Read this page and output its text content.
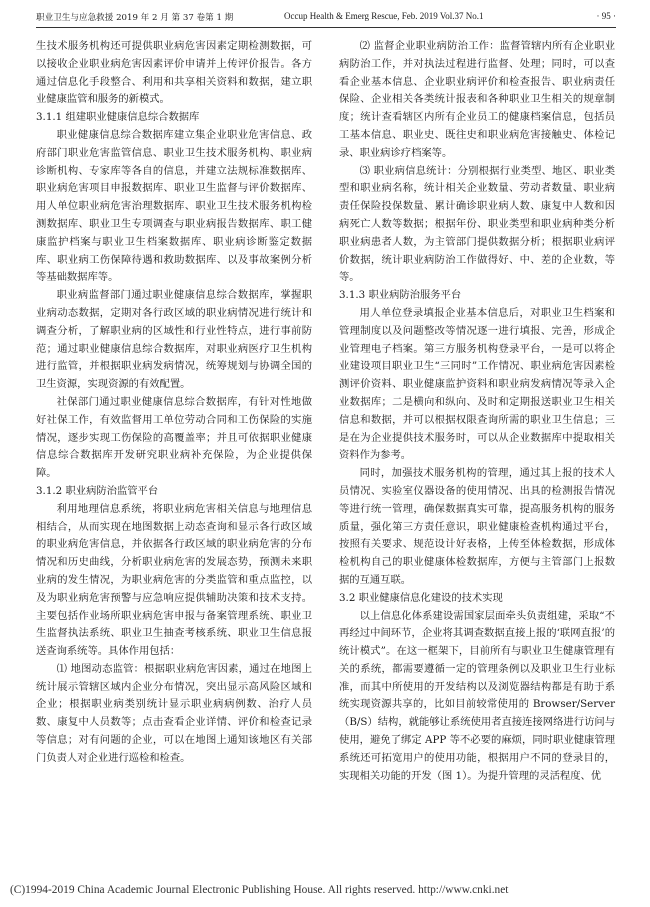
职业卫生与应急救援 2019 年 2 月 第 37 卷第 1 期	Occup Health & Emerg Rescue, Feb. 2019 Vol.37 No.1	· 95 ·

生技术服务机构还可提供职业病危害因素定期检测数据，可以接收企业职业病危害因素评价申请并上传评价报告。各方通过信息化手段整合、利用和共享相关资料和数据，建立职业健康监管和服务的新模式。

3.1.1 组建职业健康信息综合数据库

职业健康信息综合数据库建立集企业职业危害信息、政府部门职业危害监管信息、职业卫生技术服务机构、职业病诊断机构、专家库等各自的信息，并建立法规标准数据库、职业病危害项目申报数据库、职业卫生监督与评价数据库、用人单位职业病危害治理数据库、职业卫生技术服务机构检测数据库、职业卫生专项调查与职业病报告数据库、职工健康监护档案与职业卫生档案数据库、职业病诊断鉴定数据库、职业病工伤保障待遇和救助数据库、以及事故案例分析等基础数据库等。

职业病监督部门通过职业健康信息综合数据库，掌握职业病动态数据，定期对各行政区域的职业病情况进行统计和调查分析，了解职业病的区域性和行业性特点，进行事前防范；通过职业健康信息综合数据库，对职业病医疗卫生机构进行监管，并根据职业病发病情况，统筹规划与协调全国的卫生资源，实现资源的有效配置。

社保部门通过职业健康信息综合数据库，有针对性地做好社保工作，有效监督用工单位劳动合同和工伤保险的实施情况，逐步实现工伤保险的高覆盖率；并且可依据职业健康信息综合数据库开发研究职业病补充保险，为企业提供保障。

3.1.2 职业病防治监管平台

利用地理信息系统，将职业病危害相关信息与地理信息相结合，从而实现在地图数据上动态查询和显示各行政区域的职业病危害信息，并依据各行政区域的职业病危害的分布情况和历史曲线，分析职业病危害的发展态势，预测未来职业病的发生情况，为职业病危害的分类监管和重点监控，以及为职业病危害预警与应急响应提供辅助决策和技术支持。主要包括作业场所职业病危害申报与备案管理系统、职业卫生监督执法系统、职业卫生抽查考核系统、职业卫生信息报送查询系统等。具体作用包括：

⑴ 地图动态监管：根据职业病危害因素，通过在地图上统计展示管辖区域内企业分布情况，突出显示高风险区域和企业；根据职业病类别统计显示职业病病例数、治疗人员数、康复中人员数等；点击查看企业详情、评价和检查记录等信息；对有问题的企业，可以在地图上通知该地区有关部门负责人对企业进行巡检和检查。

⑵ 监督企业职业病防治工作：监督管辖内所有企业职业病防治工作，并对执法过程进行监督、处理；同时，可以查看企业基本信息、企业职业病评价和检查报告、职业病责任保险、企业相关各类统计报表和各种职业卫生相关的规章制度；统计查看辖区内所有企业员工的健康档案信息，包括员工基本信息、职业史、既往史和职业病危害接触史、体检记录、职业病诊疗档案等。

⑶ 职业病信息统计：分别根据行业类型、地区、职业类型和职业病名称，统计相关企业数量、劳动者数量、职业病责任保险投保数量、累计确诊职业病人数、康复中人数和因病死亡人数等数据；根据年份、职业类型和职业病种类分析职业病患者人数，为主管部门提供数据分析；根据职业病评价数据，统计职业病防治工作做得好、中、差的企业数，等等。

3.1.3 职业病防治服务平台

用人单位登录填报企业基本信息后，对职业卫生档案和管理制度以及问题整改等情况逐一进行填报、完善，形成企业管理电子档案。第三方服务机构登录平台，一是可以将企业建设项目职业卫生“三同时”工作情况、职业病危害因素检测评价资料、职业健康监护资料和职业病发病情况等录入企业数据库；二是横向和纵向、及时和定期报送职业卫生相关信息和数据，并可以根据权限查询所需的职业卫生信息；三是在为企业提供技术服务时，可以从企业数据库中提取相关资料作为参考。

同时，加强技术服务机构的管理，通过其上报的技术人员情况、实验室仪器设备的使用情况、出具的检测报告情况等进行统一管理，确保数据真实可靠，提高服务机构的服务质量，强化第三方责任意识，职业健康检查机构通过平台，按照有关要求、规范设计好表格，上传至体检数据，形成体检机构自己的职业健康体检数据库，方便与主管部门上报数据的互通互联。

3.2 职业健康信息化建设的技术实现

以上信息化体系建设需国家层面牵头负责组建，采取“不再经过中间环节，企业将其调查数据直接上报的‘联网直报’的统计模式”。在这一框架下，目前所有与职业卫生健康管理有关的系统，都需要遵循一定的管理条例以及职业卫生行业标准，而其中所使用的开发结构以及浏览器结构都是有助于系统实现资源共享的，比如目前较常使用的 Browser/Server（B/S）结构，就能够让系统使用者直接连接网络进行访问与使用，避免了绑定 APP 等不必要的麻烦，同时职业健康管理系统还可拓宽用户的使用功能，根据用户不同的登录目的，实现相关功能的开发（图 1）。为提升管理的灵活程度、优

(C)1994-2019 China Academic Journal Electronic Publishing House. All rights reserved. http://www.cnki.net
